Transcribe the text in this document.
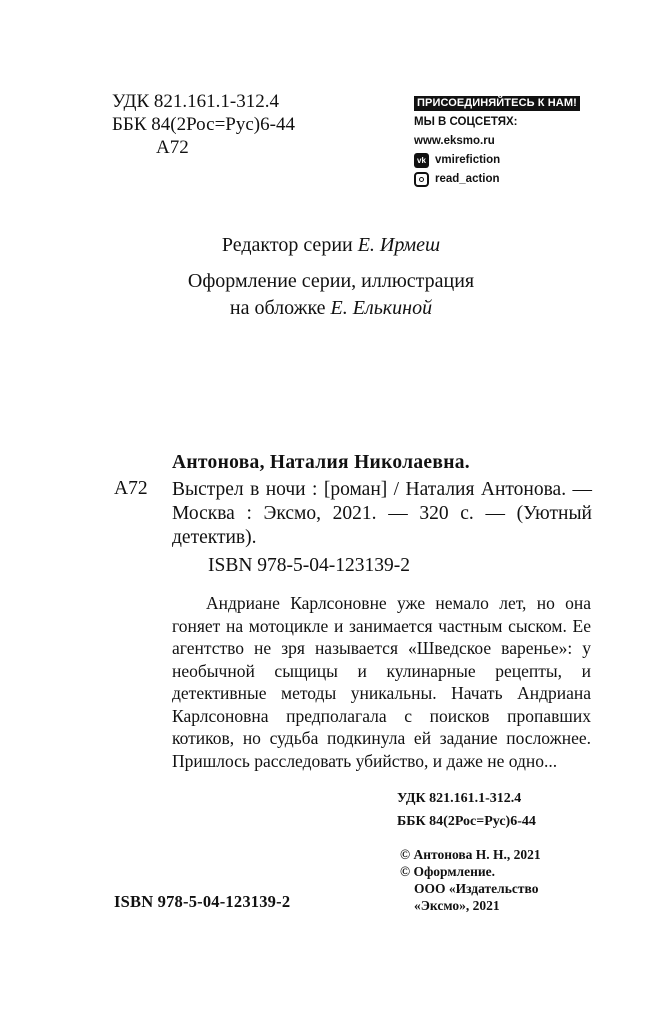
УДК 821.161.1-312.4
ББК 84(2Рос=Рус)6-44
А72
ПРИСОЕДИНЯЙТЕСЬ К НАМ!
МЫ В СОЦСЕТЯХ:
www.eksmo.ru
vk vmirefiction
read_action
Редактор серии Е. Ирмеш
Оформление серии, иллюстрация
на обложке Е. Елькиной
Антонова, Наталия Николаевна.
А72 Выстрел в ночи : [роман] / Наталия Антонова. — Москва : Эксмо, 2021. — 320 с. — (Уютный детектив).
ISBN 978-5-04-123139-2
Андриане Карлсоновне уже немало лет, но она гоняет на мотоцикле и занимается частным сыском. Ее агентство не зря называется «Шведское варенье»: у необычной сыщицы и кулинарные рецепты, и детективные методы уникальны. Начать Андриана Карлсоновна предполагала с поисков пропавших котиков, но судьба подкинула ей задание посложнее. Пришлось расследовать убийство, и даже не одно...
УДК 821.161.1-312.4
ББК 84(2Рос=Рус)6-44
© Антонова Н. Н., 2021
© Оформление.
ООО «Издательство
«Эксмо», 2021
ISBN 978-5-04-123139-2
